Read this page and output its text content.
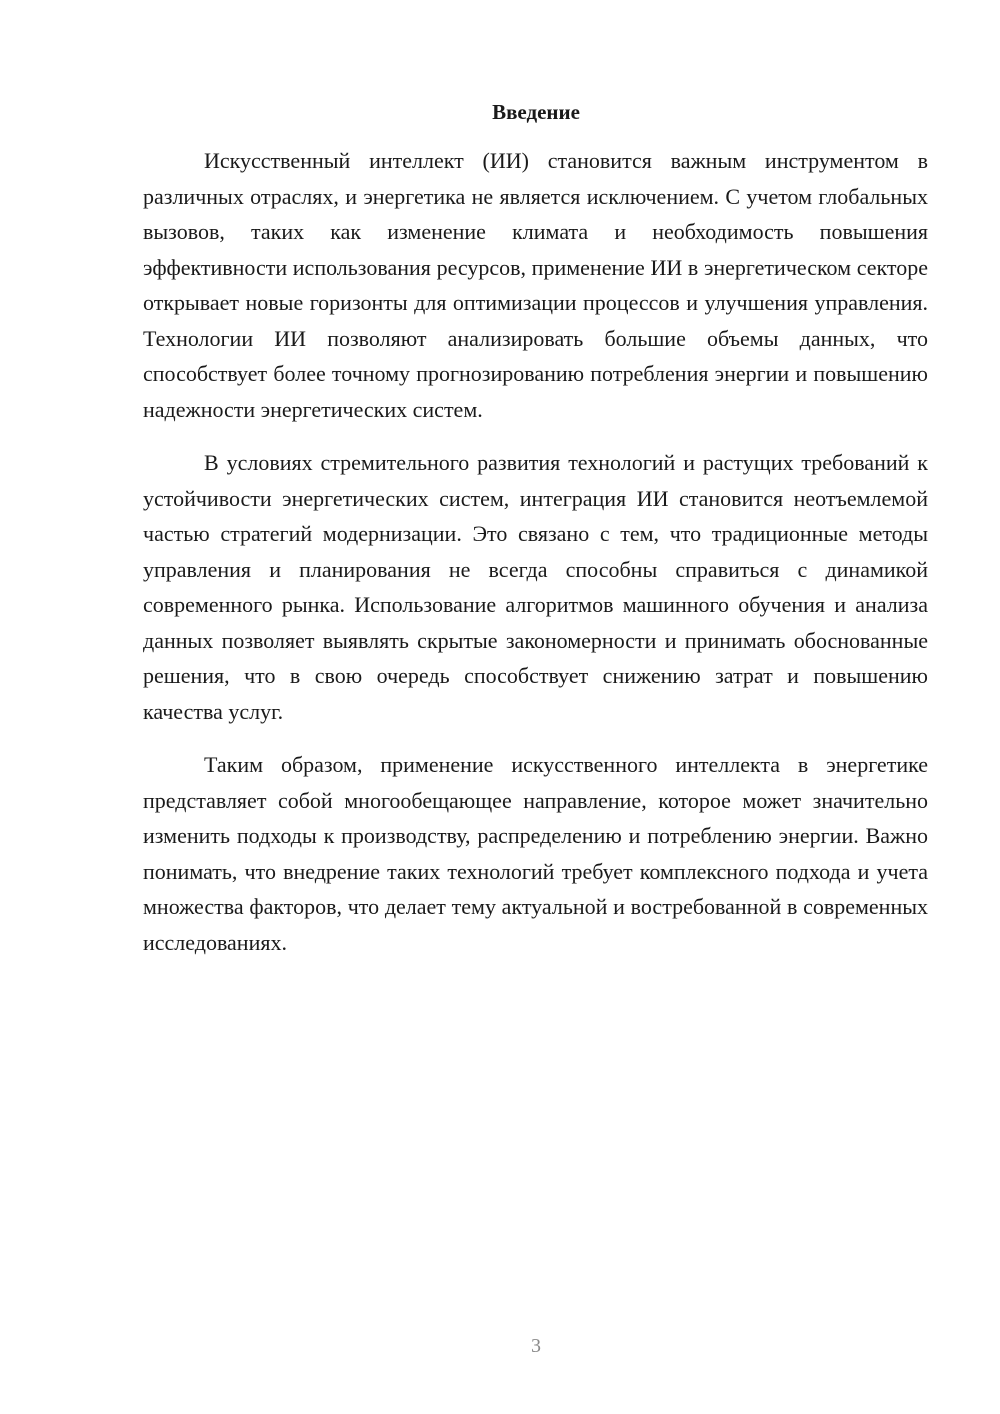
Введение

Искусственный интеллект (ИИ) становится важным инструментом в различных отраслях, и энергетика не является исключением. С учетом глобальных вызовов, таких как изменение климата и необходимость повышения эффективности использования ресурсов, применение ИИ в энергетическом секторе открывает новые горизонты для оптимизации процессов и улучшения управления. Технологии ИИ позволяют анализировать большие объемы данных, что способствует более точному прогнозированию потребления энергии и повышению надежности энергетических систем.

В условиях стремительного развития технологий и растущих требований к устойчивости энергетических систем, интеграция ИИ становится неотъемлемой частью стратегий модернизации. Это связано с тем, что традиционные методы управления и планирования не всегда способны справиться с динамикой современного рынка. Использование алгоритмов машинного обучения и анализа данных позволяет выявлять скрытые закономерности и принимать обоснованные решения, что в свою очередь способствует снижению затрат и повышению качества услуг.

Таким образом, применение искусственного интеллекта в энергетике представляет собой многообещающее направление, которое может значительно изменить подходы к производству, распределению и потреблению энергии. Важно понимать, что внедрение таких технологий требует комплексного подхода и учета множества факторов, что делает тему актуальной и востребованной в современных исследованиях.

3
